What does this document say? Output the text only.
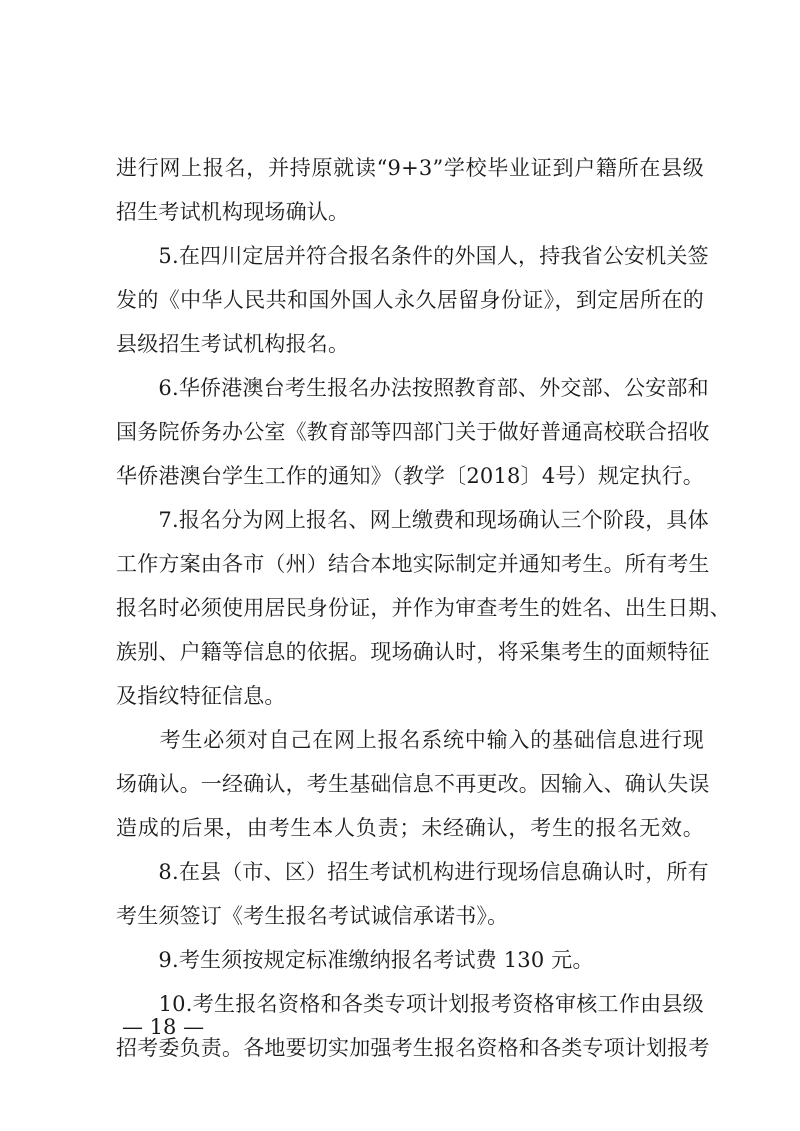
进行网上报名，并持原就读“9+3”学校毕业证到户籍所在县级
招生考试机构现场确认。
　　5.在四川定居并符合报名条件的外国人，持我省公安机关签
发的《中华人民共和国外国人永久居留身份证》，到定居所在的
县级招生考试机构报名。
　　6.华侨港澳台考生报名办法按照教育部、外交部、公安部和
国务院侨务办公室《教育部等四部门关于做好普通高校联合招收
华侨港澳台学生工作的通知》（教学〔2018〕4号）规定执行。
　　7.报名分为网上报名、网上缴费和现场确认三个阶段，具体
工作方案由各市（州）结合本地实际制定并通知考生。所有考生
报名时必须使用居民身份证，并作为审查考生的姓名、出生日期、
族别、户籍等信息的依据。现场确认时，将采集考生的面颊特征
及指纹特征信息。
　　考生必须对自己在网上报名系统中输入的基础信息进行现
场确认。一经确认，考生基础信息不再更改。因输入、确认失误
造成的后果，由考生本人负责；未经确认，考生的报名无效。
　　8.在县（市、区）招生考试机构进行现场信息确认时，所有
考生须签订《考生报名考试诚信承诺书》。
　　9.考生须按规定标准缴纳报名考试费 130 元。
　　10.考生报名资格和各类专项计划报考资格审核工作由县级
招考委负责。各地要切实加强考生报名资格和各类专项计划报考
— 18 —
